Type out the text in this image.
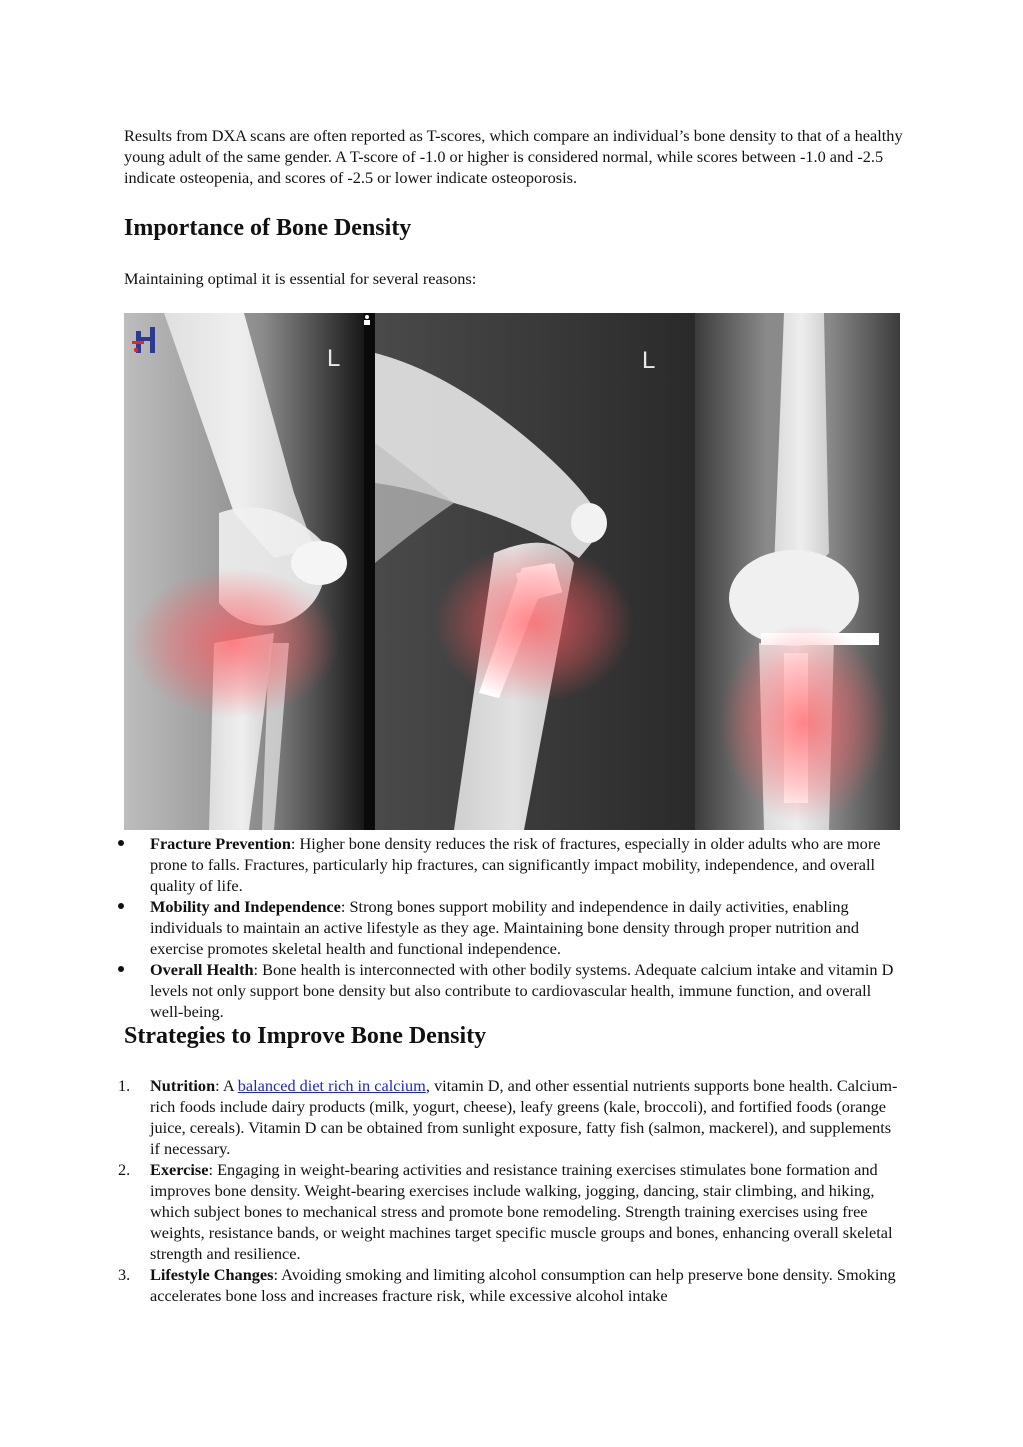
Results from DXA scans are often reported as T-scores, which compare an individual’s bone density to that of a healthy young adult of the same gender. A T-score of -1.0 or higher is considered normal, while scores between -1.0 and -2.5 indicate osteopenia, and scores of -2.5 or lower indicate osteoporosis.

Importance of Bone Density

Maintaining optimal it is essential for several reasons:

L	L
Fracture Prevention: Higher bone density reduces the risk of fractures, especially in older adults who are more prone to falls. Fractures, particularly hip fractures, can significantly impact mobility, independence, and overall quality of life.
Mobility and Independence: Strong bones support mobility and independence in daily activities, enabling individuals to maintain an active lifestyle as they age. Maintaining bone density through proper nutrition and exercise promotes skeletal health and functional independence.
Overall Health: Bone health is interconnected with other bodily systems. Adequate calcium intake and vitamin D levels not only support bone density but also contribute to cardiovascular health, immune function, and overall well-being.
Strategies to Improve Bone Density
1.	Nutrition: A balanced diet rich in calcium, vitamin D, and other essential nutrients supports bone health. Calcium-rich foods include dairy products (milk, yogurt, cheese), leafy greens (kale, broccoli), and fortified foods (orange juice, cereals). Vitamin D can be obtained from sunlight exposure, fatty fish (salmon, mackerel), and supplements if necessary.
2.	Exercise: Engaging in weight-bearing activities and resistance training exercises stimulates bone formation and improves bone density. Weight-bearing exercises include walking, jogging, dancing, stair climbing, and hiking, which subject bones to mechanical stress and promote bone remodeling. Strength training exercises using free weights, resistance bands, or weight machines target specific muscle groups and bones, enhancing overall skeletal strength and resilience.
3.	Lifestyle Changes: Avoiding smoking and limiting alcohol consumption can help preserve bone density. Smoking accelerates bone loss and increases fracture risk, while excessive alcohol intake
